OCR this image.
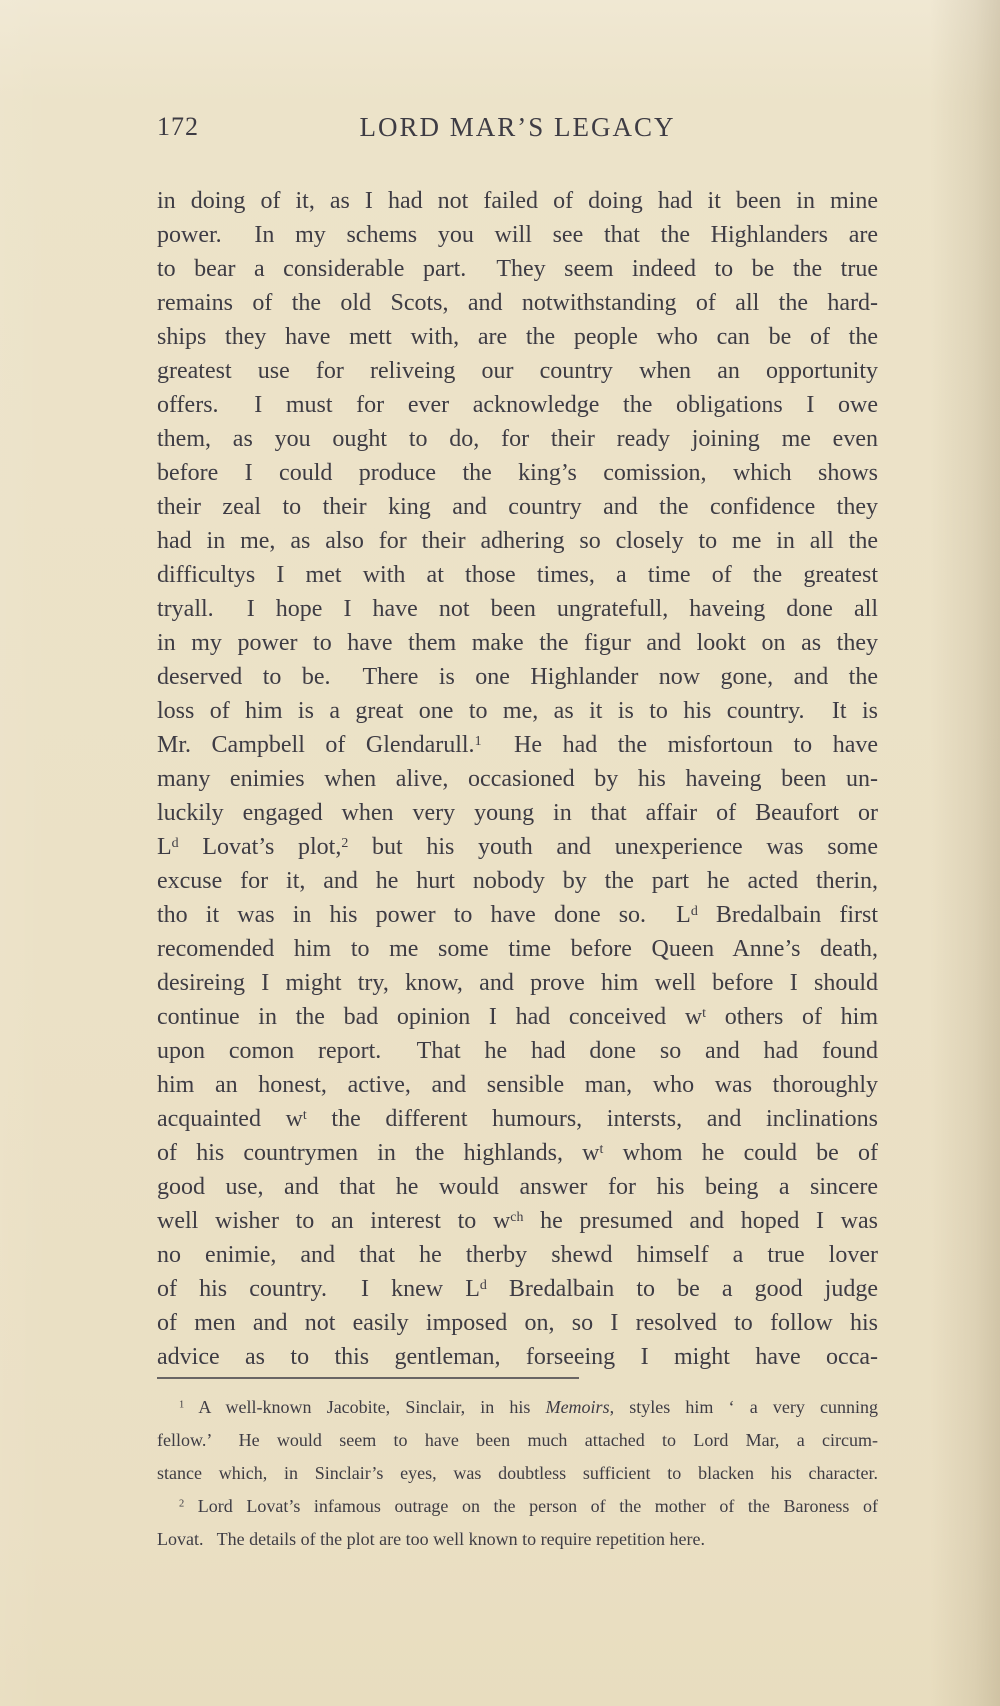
172	LORD MAR’S LEGACY
in doing of it, as I had not failed of doing had it been in mine
power.  In my schems you will see that the Highlanders are
to bear a considerable part.  They seem indeed to be the true
remains of the old Scots, and notwithstanding of all the hard-
ships they have mett with, are the people who can be of the
greatest use for reliveing our country when an opportunity
offers.  I must for ever acknowledge the obligations I owe
them, as you ought to do, for their ready joining me even
before I could produce the king’s comission, which shows
their zeal to their king and country and the confidence they
had in me, as also for their adhering so closely to me in all the
difficultys I met with at those times, a time of the greatest
tryall.  I hope I have not been ungratefull, haveing done all
in my power to have them make the figur and lookt on as they
deserved to be.  There is one Highlander now gone, and the
loss of him is a great one to me, as it is to his country.  It is
Mr. Campbell of Glendarull.$^1$  He had the misfortoun to have
many enimies when alive, occasioned by his haveing been un-
luckily engaged when very young in that affair of Beaufort or
$L^d$ Lovat’s plot,$^2$ but his youth and unexperience was some
excuse for it, and he hurt nobody by the part he acted therin,
tho it was in his power to have done so.  $L^d$ Bredalbain first
recomended him to me some time before Queen Anne’s death,
desireing I might try, know, and prove him well before I should
continue in the bad opinion I had conceived $w^t$ others of him
upon comon report.  That he had done so and had found
him an honest, active, and sensible man, who was thoroughly
acquainted $w^t$ the different humours, intersts, and inclinations
of his countrymen in the highlands, $w^t$ whom he could be of
good use, and that he would answer for his being a sincere
well wisher to an interest to $w^{ch}$ he presumed and hoped I was
no enimie, and that he therby shewd himself a true lover
of his country.  I knew $L^d$ Bredalbain to be a good judge
of men and not easily imposed on, so I resolved to follow his
advice as to this gentleman, forseeing I might have occa-
$^1$ A well-known Jacobite, Sinclair, in his Memoirs, styles him ‘ a very cunning
fellow.’  He would seem to have been much attached to Lord Mar, a circum-
stance which, in Sinclair’s eyes, was doubtless sufficient to blacken his character.
$^2$ Lord Lovat’s infamous outrage on the person of the mother of the Baroness of
Lovat.  The details of the plot are too well known to require repetition here.
